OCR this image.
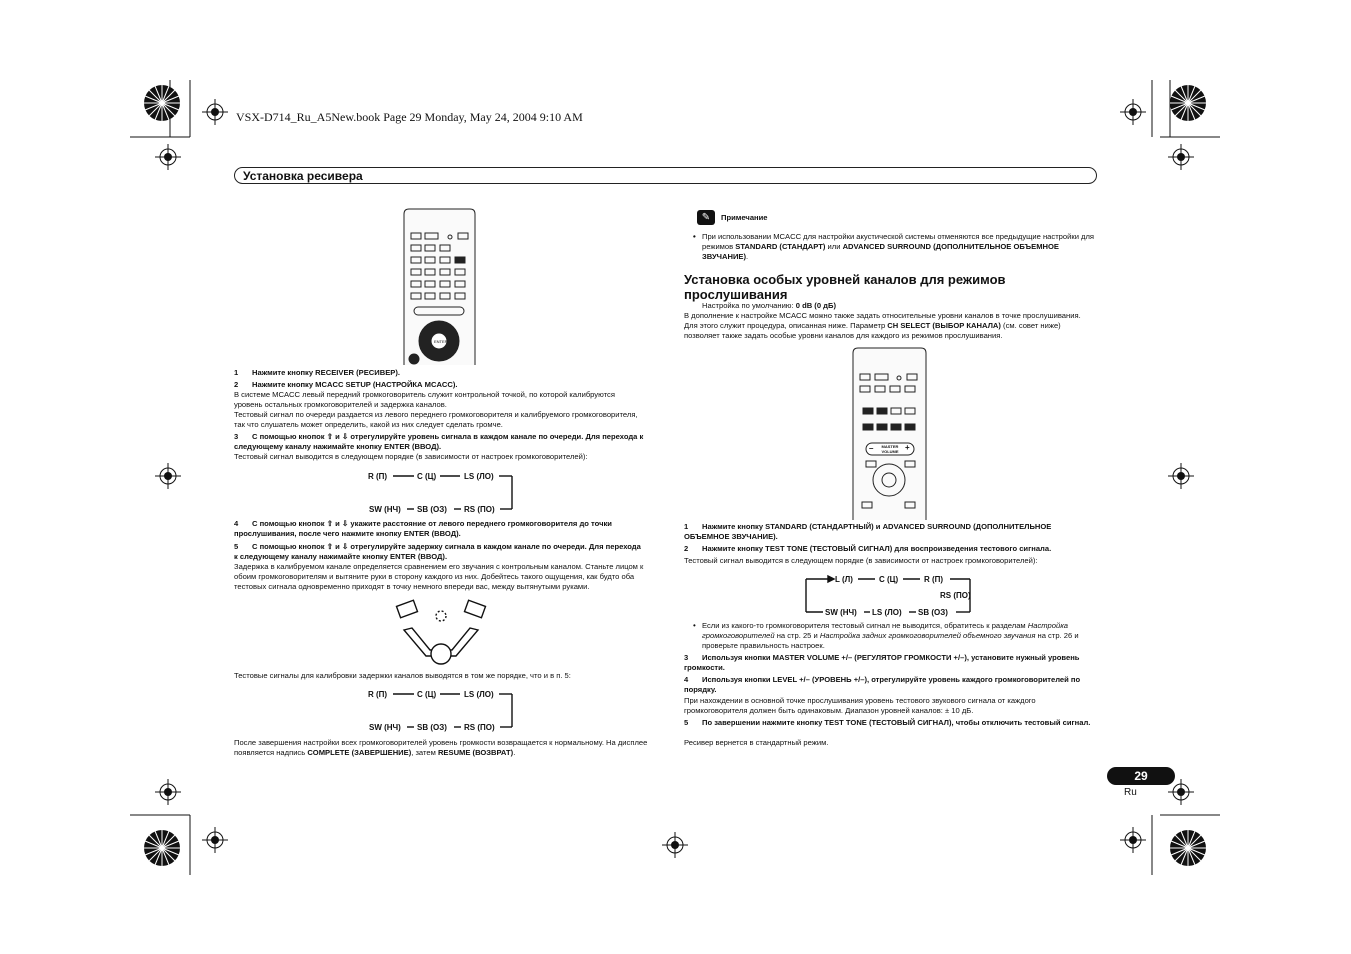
VSX-D714_Ru_A5New.book Page 29 Monday, May 24, 2004 9:10 AM
Установка ресивера
ENTER
1 Нажмите кнопку RECEIVER (РЕСИВЕР).
2 Нажмите кнопку MCACC SETUP (НАСТРОЙКА MCACC).
В системе MCACC левый передний громкоговоритель служит контрольной точкой, по которой калибруются уровень остальных громкоговорителей и задержка каналов.
Тестовый сигнал по очереди раздается из левого переднего громкоговорителя и калибруемого громкоговорителя, так что слушатель может определить, какой из них следует сделать громче.
3 С помощью кнопок ⇧ и ⇩ отрегулируйте уровень сигнала в каждом канале по очереди. Для перехода к следующему каналу нажимайте кнопку ENTER (ВВОД).
Тестовый сигнал выводится в следующем порядке (в зависимости от настроек громкоговорителей):
R (П)	C (Ц)	LS (ЛО)
SW (НЧ) SB (ОЗ) RS (ПО)
4 С помощью кнопок ⇧ и ⇩ укажите расстояние от левого переднего громкоговорителя до точки прослушивания, после чего нажмите кнопку ENTER (ВВОД).
5 С помощью кнопок ⇧ и ⇩ отрегулируйте задержку сигнала в каждом канале по очереди. Для перехода к следующему каналу нажимайте кнопку ENTER (ВВОД).
Задержка в калибруемом канале определяется сравнением его звучания с контрольным каналом. Станьте лицом к обоим громкоговорителям и вытяните руки в сторону каждого из них. Добейтесь такого ощущения, как будто оба тестовых сигнала одновременно приходят в точку немного впереди вас, между вытянутыми руками.
Тестовые сигналы для калибровки задержки каналов выводятся в том же порядке, что и в п. 5:
R (П)	C (Ц)	LS (ЛО)
SW (НЧ) SB (ОЗ) RS (ПО)
После завершения настройки всех громкоговорителей уровень громкости возвращается к нормальному. На дисплее появляется надпись COMPLETE (ЗАВЕРШЕНИЕ), затем RESUME (ВОЗВРАТ).
✎	Примечание
При использовании MCACC для настройки акустической системы отменяются все предыдущие настройки для режимов STANDARD (СТАНДАРТ) или ADVANCED SURROUND (ДОПОЛНИТЕЛЬНОЕ ОБЪЕМНОЕ ЗВУЧАНИЕ).
Установка особых уровней каналов для режимов прослушивания
Настройка по умолчанию: 0 dB (0 дБ)
В дополнение к настройке MCACC можно также задать относительные уровни каналов в точке прослушивания. Для этого служит процедура, описанная ниже. Параметр CH SELECT (ВЫБОР КАНАЛА) (см. совет ниже) позволяет также задать особые уровни каналов для каждого из режимов прослушивания.
MASTER
VOLUME
–	+
1 Нажмите кнопку STANDARD (СТАНДАРТНЫЙ) и ADVANCED SURROUND (ДОПОЛНИТЕЛЬНОЕ ОБЪЕМНОЕ ЗВУЧАНИЕ).
2 Нажмите кнопку TEST TONE (ТЕСТОВЫЙ СИГНАЛ) для воспроизведения тестового сигнала.
Тестовый сигнал выводится в следующем порядке (в зависимости от настроек громкоговорителей):
L (Л)	C (Ц)	R (П)
RS (ПО)
SW (НЧ) LS (ЛО) SB (ОЗ)
Если из какого-то громкоговорителя тестовый сигнал не выводится, обратитесь к разделам Настройка громкоговорителей на стр. 25 и Настройка задних громкоговорителей объемного звучания на стр. 26 и проверьте правильность настроек.
•
•
3 Используя кнопки MASTER VOLUME +/– (РЕГУЛЯТОР ГРОМКОСТИ +/–), установите нужный уровень громкости.
4 Используя кнопки LEVEL +/– (УРОВЕНЬ +/–), отрегулируйте уровень каждого громкоговорителей по порядку.
При нахождении в основной точке прослушивания уровень тестового звукового сигнала от каждого громкоговорителя должен быть одинаковым. Диапазон уровней каналов: ± 10 дБ.
5 По завершении нажмите кнопку TEST TONE (ТЕСТОВЫЙ СИГНАЛ), чтобы отключить тестовый сигнал.
Ресивер вернется в стандартный режим.
29
Ru
